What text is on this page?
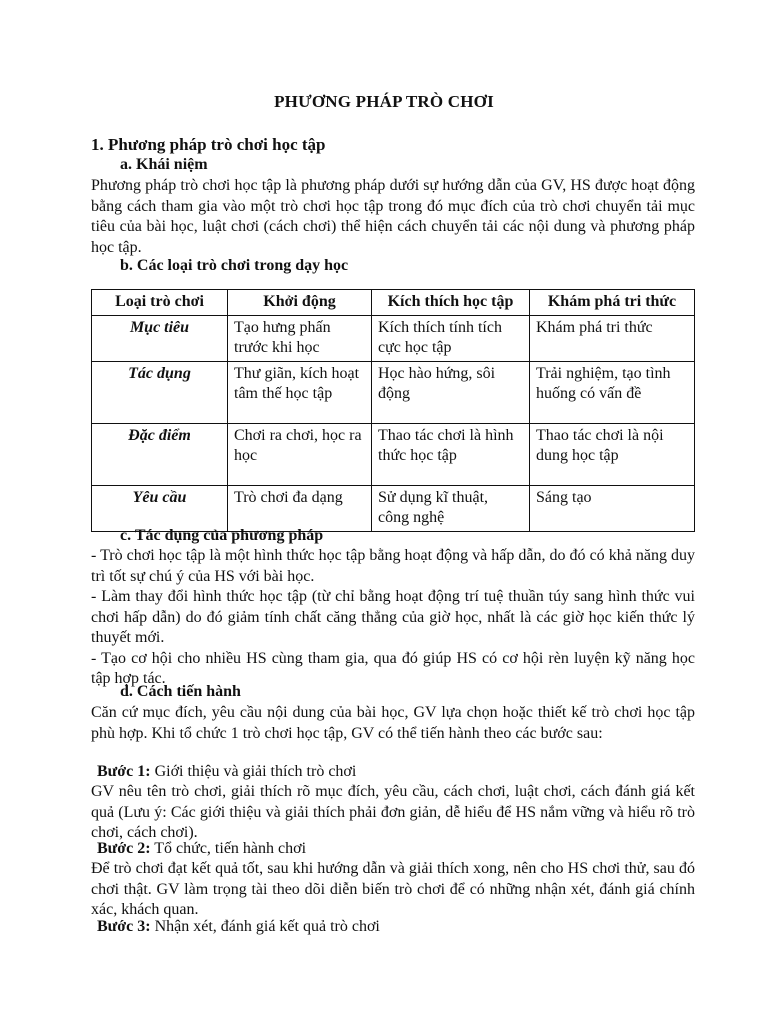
PHƯƠNG PHÁP TRÒ CHƠI
1. Phương pháp trò chơi học tập
a. Khái niệm

Phương pháp trò chơi học tập là phương pháp dưới sự hướng dẫn của GV, HS được hoạt động bằng cách tham gia vào một trò chơi học tập trong đó mục đích của trò chơi chuyển tải mục tiêu của bài học, luật chơi (cách chơi) thể hiện cách chuyển tải các nội dung và phương pháp học tập.

b. Các loại trò chơi trong dạy học
Loại trò chơi	Khởi động	Kích thích học tập	Khám phá tri thức
Mục tiêu	Tạo hưng phấn trước khi học	Kích thích tính tích cực học tập	Khám phá tri thức
Tác dụng	Thư giãn, kích hoạt tâm thế học tập	Học hào hứng, sôi động	Trải nghiệm, tạo tình huống có vấn đề
Đặc điểm	Chơi ra chơi, học ra học	Thao tác chơi là hình thức học tập	Thao tác chơi là nội dung học tập
Yêu cầu	Trò chơi đa dạng	Sử dụng kĩ thuật, công nghệ	Sáng tạo
c. Tác dụng của phương pháp

- Trò chơi học tập là một hình thức học tập bằng hoạt động và hấp dẫn, do đó có khả năng duy trì tốt sự chú ý của HS với bài học.

- Làm thay đổi hình thức học tập (từ chỉ bằng hoạt động trí tuệ thuần túy sang hình thức vui chơi hấp dẫn) do đó giảm tính chất căng thẳng của giờ học, nhất là các giờ học kiến thức lý thuyết mới.

- Tạo cơ hội cho nhiều HS cùng tham gia, qua đó giúp HS có cơ hội rèn luyện kỹ năng học tập hợp tác.

d. Cách tiến hành

Căn cứ mục đích, yêu cầu nội dung của bài học, GV lựa chọn hoặc thiết kế trò chơi học tập phù hợp. Khi tổ chức 1 trò chơi học tập, GV có thể tiến hành theo các bước sau:

Bước 1: Giới thiệu và giải thích trò chơi

GV nêu tên trò chơi, giải thích rõ mục đích, yêu cầu, cách chơi, luật chơi, cách đánh giá kết quả (Lưu ý: Các giới thiệu và giải thích phải đơn giản, dễ hiểu để HS nắm vững và hiểu rõ trò chơi, cách chơi).

Bước 2: Tổ chức, tiến hành chơi

Để trò chơi đạt kết quả tốt, sau khi hướng dẫn và giải thích xong, nên cho HS chơi thử, sau đó chơi thật. GV làm trọng tài theo dõi diễn biến trò chơi để có những nhận xét, đánh giá chính xác, khách quan.

Bước 3: Nhận xét, đánh giá kết quả trò chơi
